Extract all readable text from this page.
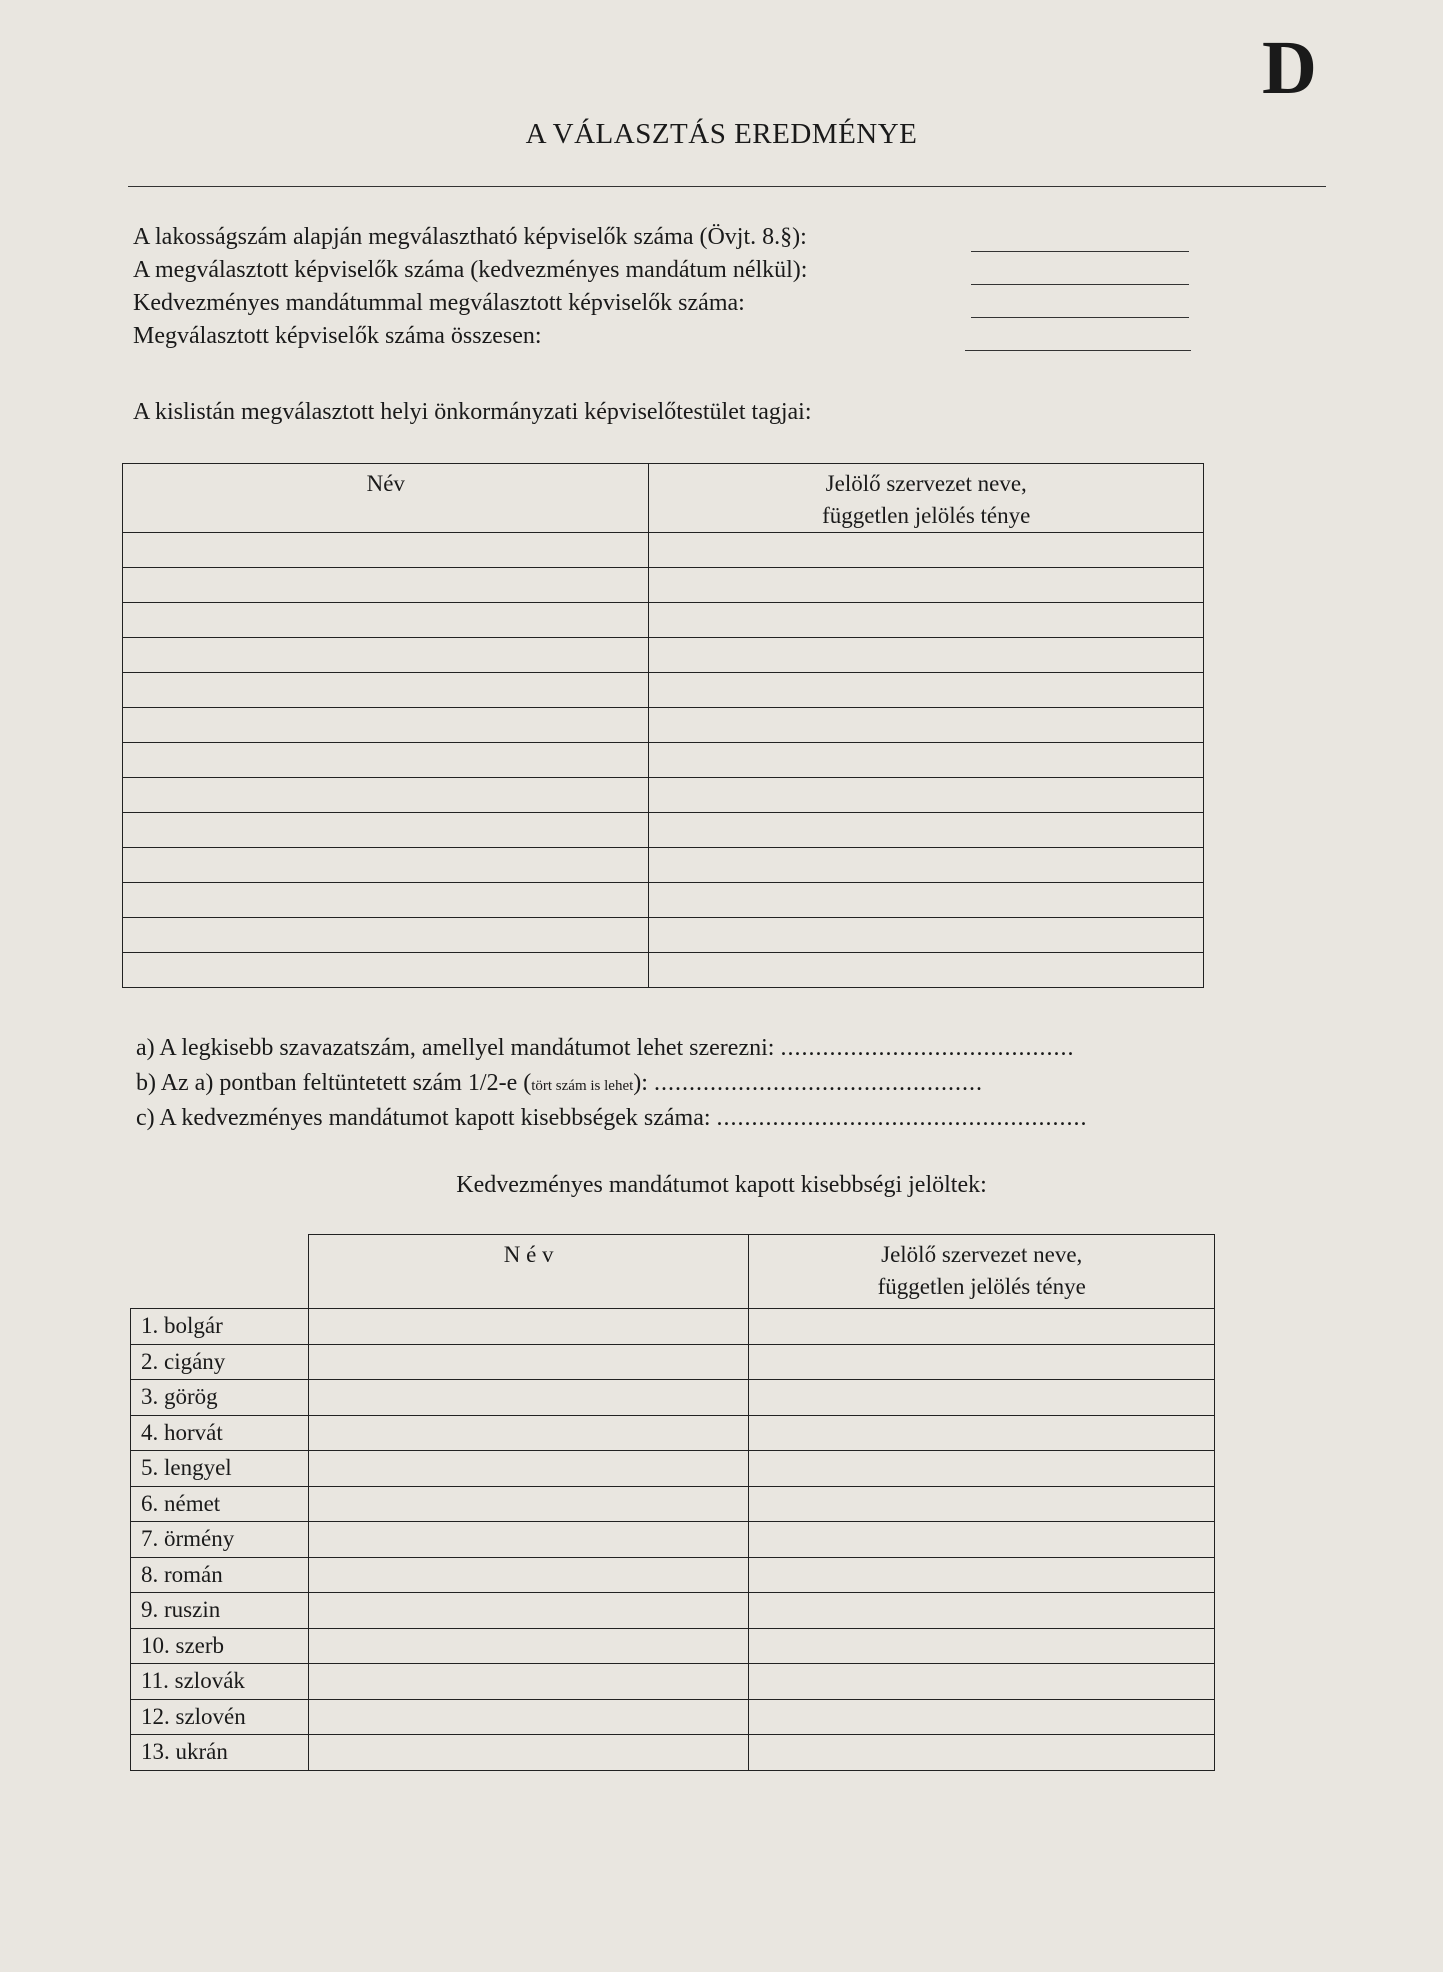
D
A VÁLASZTÁS EREDMÉNYE
A lakosságszám alapján megválasztható képviselők száma (Övjt. 8.§):
A megválasztott képviselők száma (kedvezményes mandátum nélkül):
Kedvezményes mandátummal megválasztott képviselők száma:
Megválasztott képviselők száma összesen:
A kislistán megválasztott helyi önkormányzati képviselőtestület tagjai:
Név	Jelölő szervezet neve,
független jelölés ténye

a) A legkisebb szavazatszám, amellyel mandátumot lehet szerezni: ..........................................
b) Az a) pontban feltüntetett szám 1/2-e (tört szám is lehet): ...............................................
c) A kedvezményes mandátumot kapott kisebbségek száma: .....................................................
Kedvezményes mandátumot kapott kisebbségi jelöltek:
	N é v	Jelölő szervezet neve,
független jelölés ténye
1. bolgár		
2. cigány		
3. görög		
4. horvát		
5. lengyel		
6. német		
7. örmény		
8. román		
9. ruszin		
10. szerb		
11. szlovák		
12. szlovén		
13. ukrán		
